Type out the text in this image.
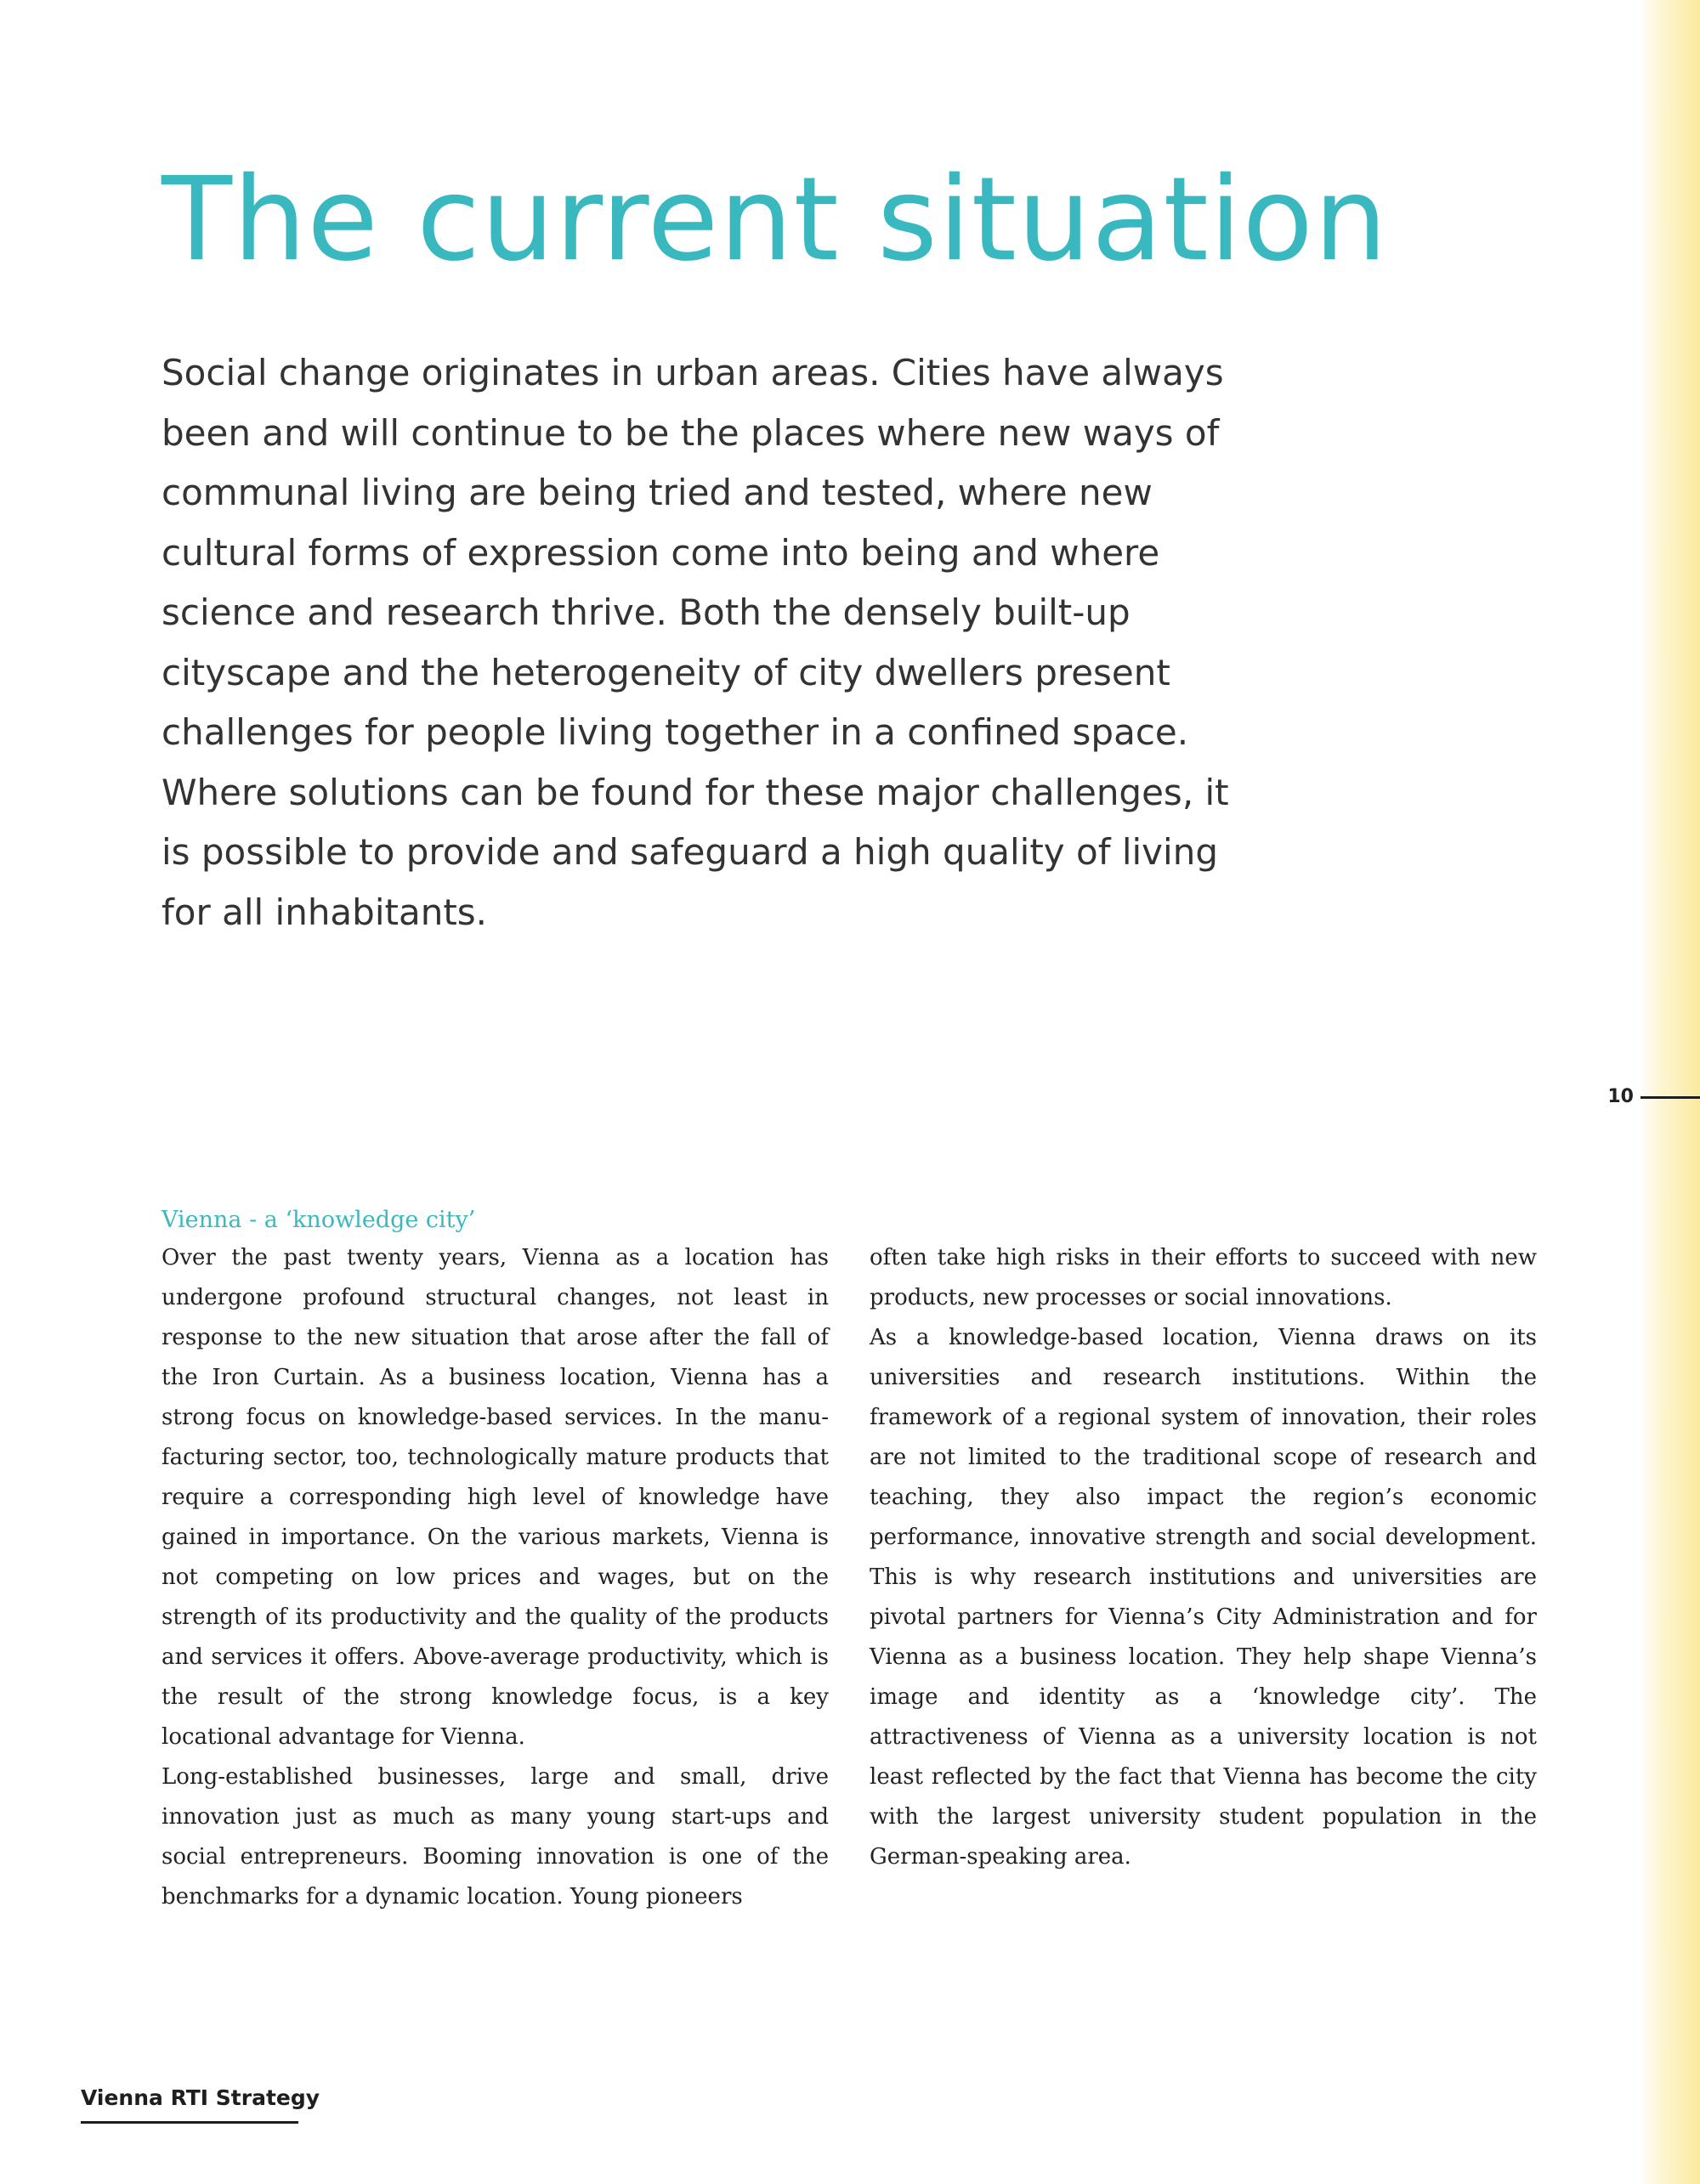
The current situation

Social change originates in urban areas. Cities have always been and will continue to be the places where new ways of communal living are being tried and tested, where new cultural forms of expression come into being and where science and research thrive. Both the densely built-up cityscape and the heterogeneity of city dwellers present challenges for people living together in a confined space. Where solutions can be found for these major challenges, it is possible to provide and safeguard a high quality of living for all inhabitants.

10
Vienna - a ‘knowledge city’

Over the past twenty years, Vienna as a location has undergone profound structural changes, not least in response to the new situation that arose after the fall of the Iron Curtain. As a business location, Vienna has a strong focus on knowledge-based services. In the manufacturing sector, too, technologically mature products that require a corresponding high level of knowledge have gained in importance. On the various markets, Vienna is not competing on low prices and wages, but on the strength of its productivity and the quality of the products and services it offers. Above-average productivity, which is the result of the strong knowledge focus, is a key locational advantage for Vienna.

Long-established businesses, large and small, drive innovation just as much as many young start-ups and social entrepreneurs. Booming innovation is one of the benchmarks for a dynamic location. Young pioneers

often take high risks in their efforts to succeed with new products, new processes or social innovations.

As a knowledge-based location, Vienna draws on its universities and research institutions. Within the framework of a regional system of innovation, their roles are not limited to the traditional scope of research and teaching, they also impact the region’s economic performance, innovative strength and social development. This is why research institutions and universities are pivotal partners for Vienna’s City Administration and for Vienna as a business location. They help shape Vienna’s image and identity as a ‘knowledge city’. The attractiveness of Vienna as a university location is not least reflected by the fact that Vienna has become the city with the largest university student population in the German-speaking area.

Vienna RTI Strategy
